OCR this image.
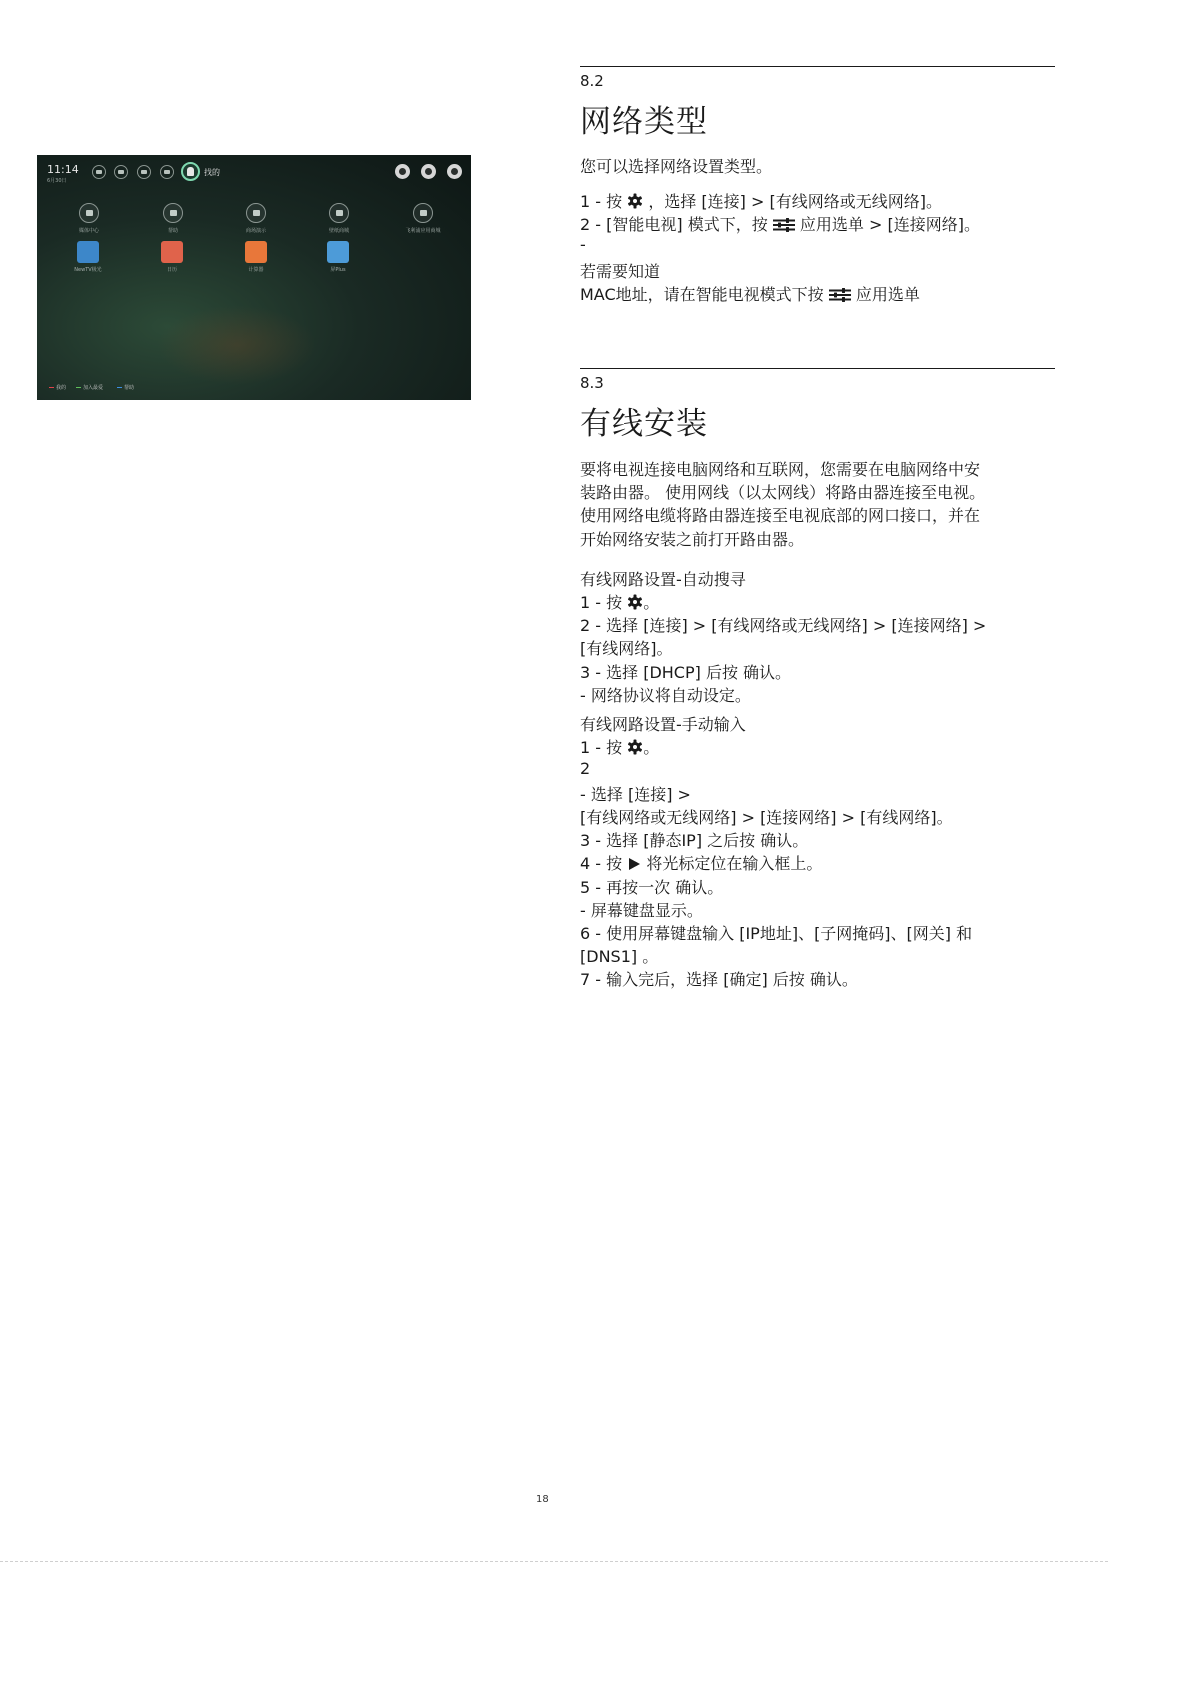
11:14
6月30日
找的
媒体中心	帮助	商场演示	壁纸商城	飞利浦应用商城
NewTV极光	日历	计算器	屏Plus
我的	加入最爱	帮助
8.2
网络类型
您可以选择网络设置类型。
1 - 按 ，选择 [连接] > [有线网络或无线网络]。
2 - [智能电视] 模式下，按 应用选单 > [连接网络]。
-
若需要知道
MAC地址，请在智能电视模式下按 应用选单
8.3
有线安装
要将电视连接电脑网络和互联网，您需要在电脑网络中安
装路由器。 使用网线（以太网线）将路由器连接至电视。
使用网络电缆将路由器连接至电视底部的网口接口，并在
开始网络安装之前打开路由器。
有线网路设置-自动搜寻
1 - 按 。
2 - 选择 [连接] > [有线网络或无线网络] > [连接网络] >
[有线网络]。
3 - 选择 [DHCP] 后按 确认。
- 网络协议将自动设定。
有线网路设置-手动输入
1 - 按 。
2
- 选择 [连接] >
[有线网络或无线网络] > [连接网络] > [有线网络]。
3 - 选择 [静态IP] 之后按 确认。
4 - 按 将光标定位在输入框上。
5 - 再按一次 确认。
- 屏幕键盘显示。
6 - 使用屏幕键盘输入 [IP地址]、[子网掩码]、[网关] 和
[DNS1] 。
7 - 输入完后，选择 [确定] 后按 确认。
18
